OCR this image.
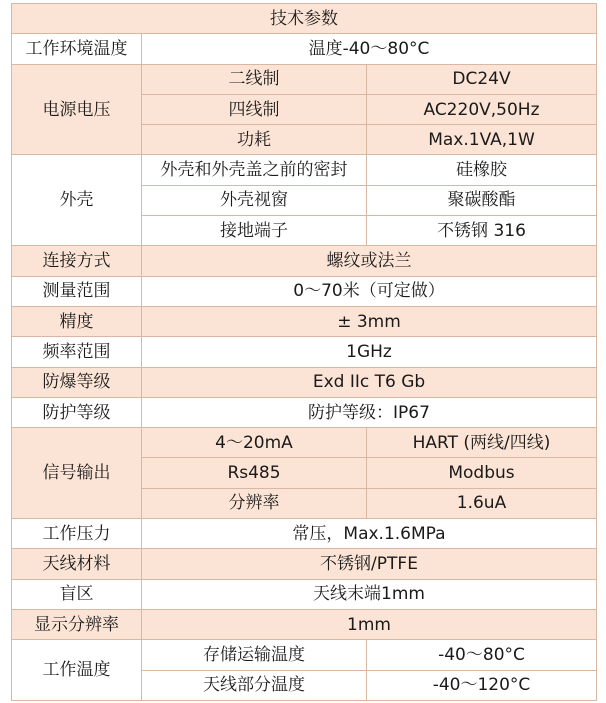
技术参数		
工作环境温度	温度-40～80°C	
电源电压	二线制	DC24V
	四线制	AC220V,50Hz
	功耗	Max.1VA,1W
外壳	外壳和外壳盖之前的密封	硅橡胶
	外壳视窗	聚碳酸酯
	接地端子	不锈钢 316
连接方式	螺纹或法兰	
测量范围	0～70米（可定做）	
精度	± 3mm	
频率范围	1GHz	
防爆等级	Exd IIc T6 Gb	
防护等级	防护等级：IP67	
信号输出	4～20mA	HART (两线/四线)
	Rs485	Modbus
	分辨率	1.6uA
工作压力	常压，Max.1.6MPa	
天线材料	不锈钢/PTFE	
盲区	天线末端1mm	
显示分辨率	1mm	
工作温度	存储运输温度	-40～80°C
	天线部分温度	-40～120°C
